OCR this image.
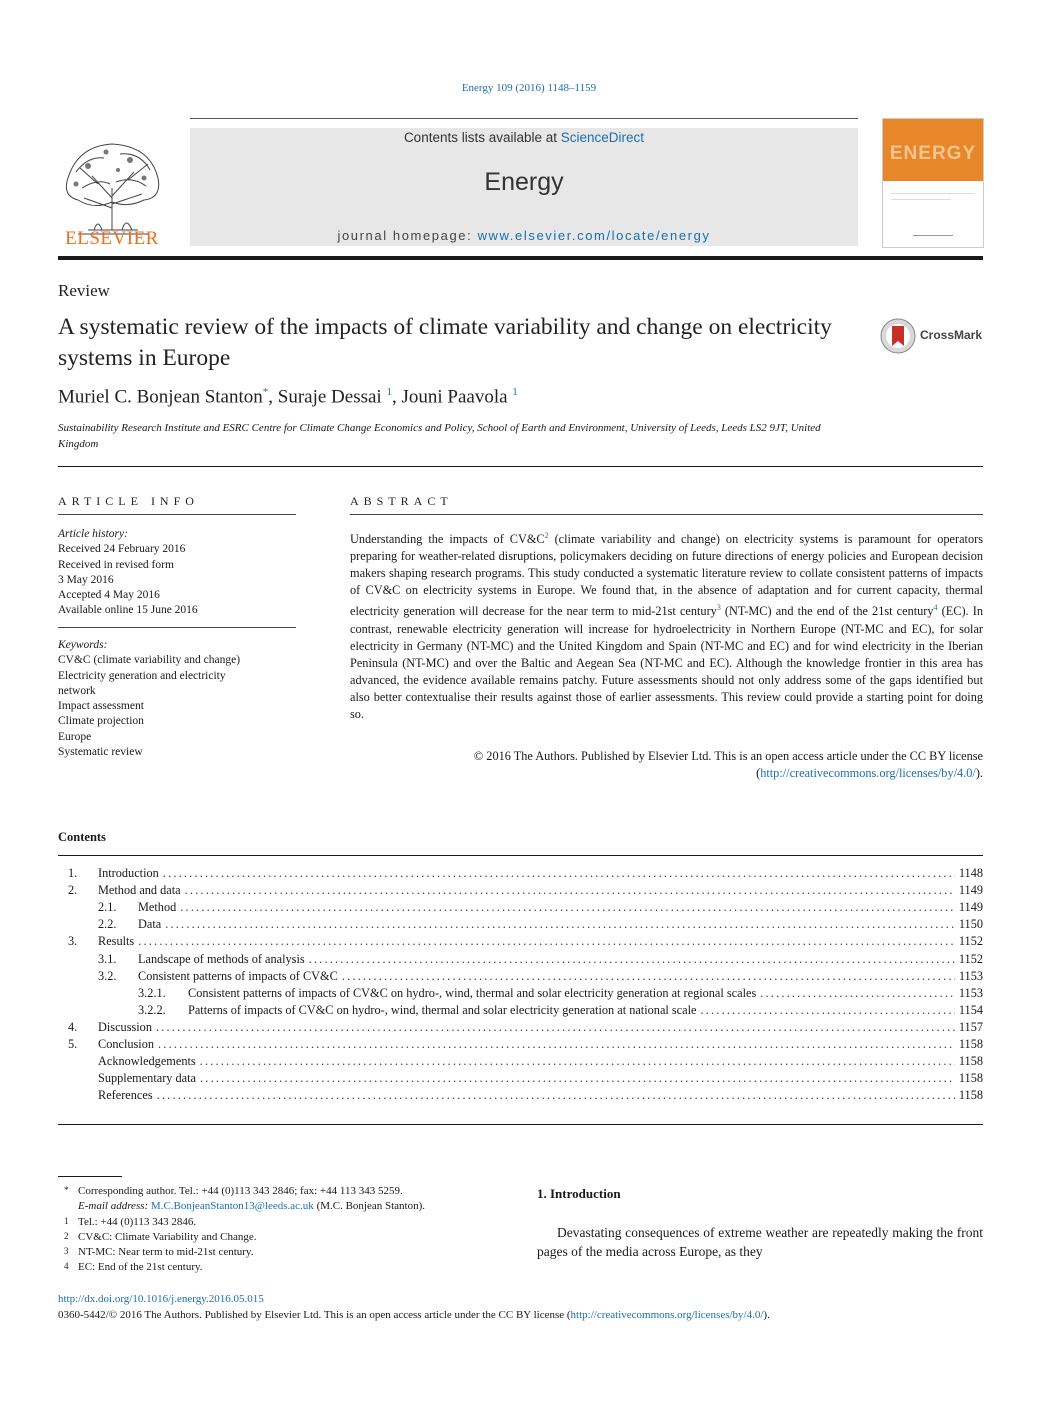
Energy 109 (2016) 1148–1159
ELSEVIER
Contents lists available at ScienceDirect
Energy
journal homepage: www.elsevier.com/locate/energy
ENERGY
Review
A systematic review of the impacts of climate variability and change on electricity systems in Europe
CrossMark
Muriel C. Bonjean Stanton*, Suraje Dessai $^1$, Jouni Paavola $^1$
Sustainability Research Institute and ESRC Centre for Climate Change Economics and Policy, School of Earth and Environment, University of Leeds, Leeds LS2 9JT, United Kingdom
ARTICLE INFO
Article history:
Received 24 February 2016
Received in revised form
3 May 2016
Accepted 4 May 2016
Available online 15 June 2016
Keywords:
CV&C (climate variability and change)
Electricity generation and electricity
network
Impact assessment
Climate projection
Europe
Systematic review
ABSTRACT
Understanding the impacts of $CV\&C^2$ (climate variability and change) on electricity systems is paramount for operators preparing for weather-related disruptions, policymakers deciding on future directions of energy policies and European decision makers shaping research programs. This study conducted a systematic literature review to collate consistent patterns of impacts of CV&C on electricity systems in Europe. We found that, in the absence of adaptation and for current capacity, thermal electricity generation will decrease for the near term to mid-21st century$^3$ (NT-MC) and the end of the 21st century$^4$ (EC). In contrast, renewable electricity generation will increase for hydroelectricity in Northern Europe (NT-MC and EC), for solar electricity in Germany (NT-MC) and the United Kingdom and Spain (NT-MC and EC) and for wind electricity in the Iberian Peninsula (NT-MC) and over the Baltic and Aegean Sea (NT-MC and EC). Although the knowledge frontier in this area has advanced, the evidence available remains patchy. Future assessments should not only address some of the gaps identified but also better contextualise their results against those of earlier assessments. This review could provide a starting point for doing so.
© 2016 The Authors. Published by Elsevier Ltd. This is an open access article under the CC BY license (http://creativecommons.org/licenses/by/4.0/).
Contents
1. Introduction .....	1148
2. Method and data .....	1149
2.1. Method .....	1149
2.2. Data .....	1150
3. Results .....	1152
3.1. Landscape of methods of analysis .....	1152
3.2. Consistent patterns of impacts of CV&C .....	1153
3.2.1. Consistent patterns of impacts of CV&C on hydro-, wind, thermal and solar electricity generation at regional scales .....	1153
3.2.2. Patterns of impacts of CV&C on hydro-, wind, thermal and solar electricity generation at national scale .....	1154
4. Discussion .....	1157
5. Conclusion .....	1158
Acknowledgements .....	1158
Supplementary data .....	1158
References .....	1158
* Corresponding author. Tel.: +44 (0)113 343 2846; fax: +44 113 343 5259.
E-mail address: M.C.BonjeanStanton13@leeds.ac.uk (M.C. Bonjean Stanton).
1 Tel.: +44 (0)113 343 2846.
2 CV&C: Climate Variability and Change.
3 NT-MC: Near term to mid-21st century.
4 EC: End of the 21st century.
1. Introduction
Devastating consequences of extreme weather are repeatedly making the front pages of the media across Europe, as they
http://dx.doi.org/10.1016/j.energy.2016.05.015
0360-5442/© 2016 The Authors. Published by Elsevier Ltd. This is an open access article under the CC BY license (http://creativecommons.org/licenses/by/4.0/).
